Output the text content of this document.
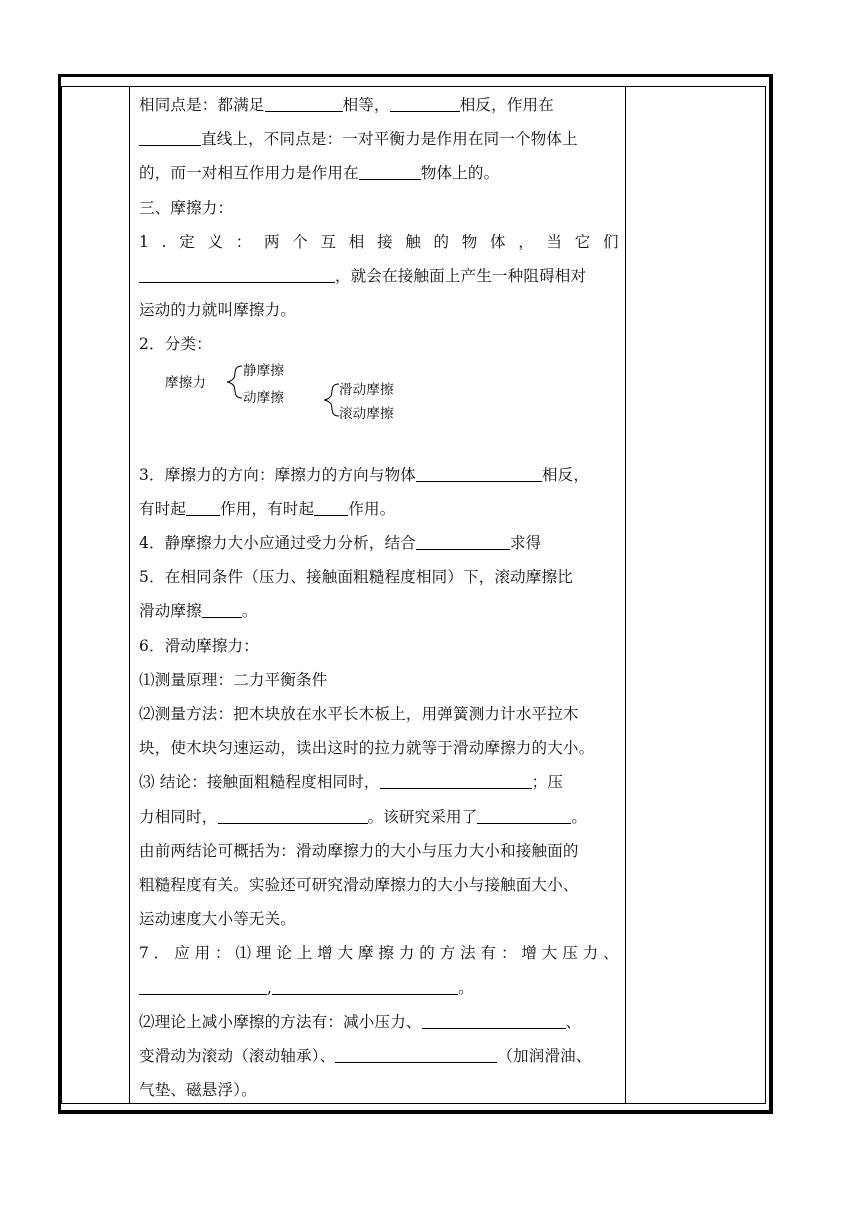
相同点是：都满足	相等，	相反，作用在

直线上，不同点是：一对平衡力是作用在同一个物体上

的，而一对相互作用力是作用在	物体上的。

三、摩擦力：

1 . 定 义 ： 两 个 互 相 接 触 的 物 体 ， 当 它 们

，就会在接触面上产生一种阻碍相对

运动的力就叫摩擦力。

2．分类：

摩擦力
静摩擦
动摩擦	滑动摩擦
滚动摩擦

3．摩擦力的方向：摩擦力的方向与物体	相反，

有时起 作用，有时起 作用。

4．静摩擦力大小应通过受力分析，结合	求得

5．在相同条件（压力、接触面粗糙程度相同）下，滚动摩擦比

滑动摩擦	。

6．滑动摩擦力：

⑴测量原理：二力平衡条件

⑵测量方法：把木块放在水平长木板上，用弹簧测力计水平拉木

块，使木块匀速运动，读出这时的拉力就等于滑动摩擦力的大小。

⑶ 结论：接触面粗糙程度相同时，	；压

力相同时，	。该研究采用了	。

由前两结论可概括为：滑动摩擦力的大小与压力大小和接触面的

粗糙程度有关。实验还可研究滑动摩擦力的大小与接触面大小、

运动速度大小等无关。

7 ． 应 用 ： ⑴ 理 论 上 增 大 摩 擦 力 的 方 法 有 ： 增 大 压 力 、

,	。

⑵理论上减小摩擦的方法有：减小压力、	、

变滑动为滚动（滚动轴承）、	（加润滑油、

气垫、磁悬浮）。
